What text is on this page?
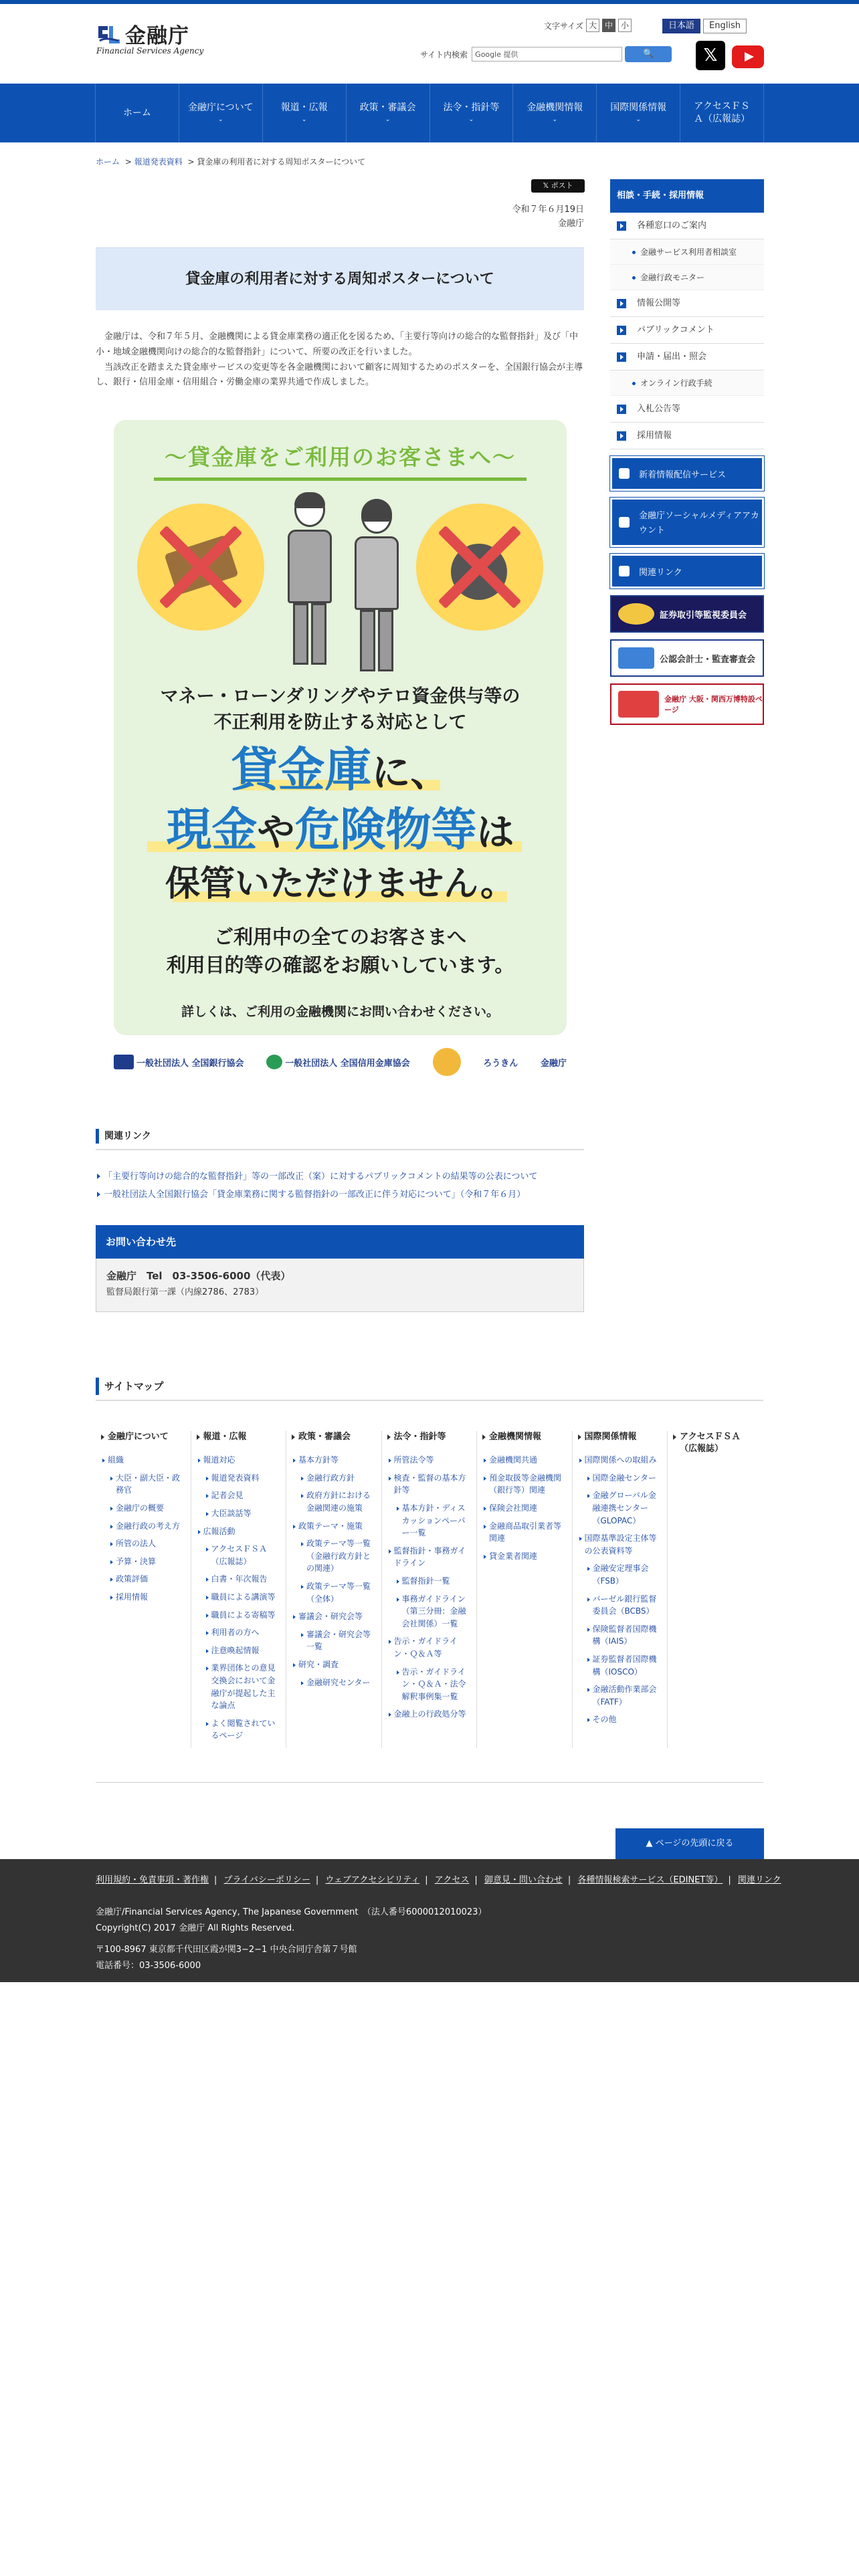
金融庁
Financial Services Agency
文字サイズ 大 中 小	日本語	English
サイト内検索 Google 提供	🔍	𝕏
ホーム	金融庁について
⌄
報道・広報
⌄
政策・審議会
⌄
法令・指針等
⌄
金融機関情報
⌄
国際関係情報
⌄
アクセスＦＳＡ（広報誌）
ホーム > 報道発表資料 > 貸金庫の利用者に対する周知ポスターについて
𝕏 ポスト
令和７年６月19日
金融庁
貸金庫の利用者に対する周知ポスターについて

金融庁は、令和７年５月、金融機関による貸金庫業務の適正化を図るため、「主要行等向けの総合的な監督指針」及び「中小・地域金融機関向けの総合的な監督指針」について、所要の改正を行いました。

当該改正を踏まえた貸金庫サービスの変更等を各金融機関において顧客に周知するためのポスターを、全国銀行協会が主導し、銀行・信用金庫・信用組合・労働金庫の業界共通で作成しました。

〜貸金庫をご利用のお客さまへ〜
マネー・ローンダリングやテロ資金供与等の
不正利用を防止する対応として
貸金庫に、
現金や危険物等は
保管いただけません。
ご利用中の全てのお客さまへ
利用目的等の確認をお願いしています。
詳しくは、ご利用の金融機関にお問い合わせください。
一般社団法人 全国銀行協会	一般社団法人 全国信用金庫協会	ろうきん	金融庁
関連リンク
「主要行等向けの総合的な監督指針」等の一部改正（案）に対するパブリックコメントの結果等の公表について
一般社団法人全国銀行協会「貸金庫業務に関する監督指針の一部改正に伴う対応について」（令和７年６月）
お問い合わせ先
金融庁　Tel　03-3506-6000（代表）
監督局銀行第一課（内線2786、2783）
相談・手続・採用情報
各種窓口のご案内
金融サービス利用者相談室
金融行政モニター
情報公開等
パブリックコメント
申請・届出・照会
オンライン行政手続
入札公告等
採用情報
新着情報配信サービス
金融庁ソーシャルメディアアカウント
関連リンク
証券取引等監視委員会
公認会計士・監査審査会
金融庁 大阪・関西万博特設ページ
サイトマップ
金融庁について
組織
大臣・副大臣・政務官
金融庁の概要
金融行政の考え方
所管の法人
予算・決算
政策評価
採用情報
報道・広報
報道対応
報道発表資料
記者会見
大臣談話等
広報活動
アクセスＦＳＡ（広報誌）
白書・年次報告
職員による講演等
職員による寄稿等
利用者の方へ
注意喚起情報
業界団体との意見交換会において金融庁が提起した主な論点
よく閲覧されているページ
政策・審議会
基本方針等
金融行政方針
政府方針における金融関連の施策
政策テーマ・施策
政策テーマ等一覧（金融行政方針との関連）
政策テーマ等一覧（全体）
審議会・研究会等
審議会・研究会等一覧
研究・調査
金融研究センター
法令・指針等
所管法令等
検査・監督の基本方針等
基本方針・ディスカッションペーパー一覧
監督指針・事務ガイドライン
監督指針一覧
事務ガイドライン（第三分冊：金融会社関係）一覧
告示・ガイドライン・Ｑ＆Ａ等
告示・ガイドライン・Ｑ＆Ａ・法令解釈事例集一覧
金融上の行政処分等
金融機関情報
金融機関共通
預金取扱等金融機関（銀行等）関連
保険会社関連
金融商品取引業者等関連
貸金業者関連
国際関係情報
国際関係への取組み
国際金融センター
金融グローバル金融連携センター（GLOPAC）
国際基準設定主体等の公表資料等
金融安定理事会（FSB）
バーゼル銀行監督委員会（BCBS）
保険監督者国際機構（IAIS）
証券監督者国際機構（IOSCO）
金融活動作業部会（FATF）
その他
アクセスＦＳＡ（広報誌）
▲ ページの先頭に戻る
利用規約・免責事項・著作権 | プライバシーポリシー | ウェブアクセシビリティ | アクセス | 御意見・問い合わせ | 各種情報検索サービス（EDINET等） | 関連リンク
金融庁/Financial Services Agency, The Japanese Government　（法人番号6000012010023）
Copyright(C) 2017 金融庁 All Rights Reserved.
〒100-8967 東京都千代田区霞が関3−2−1 中央合同庁舎第７号館
電話番号：03-3506-6000
